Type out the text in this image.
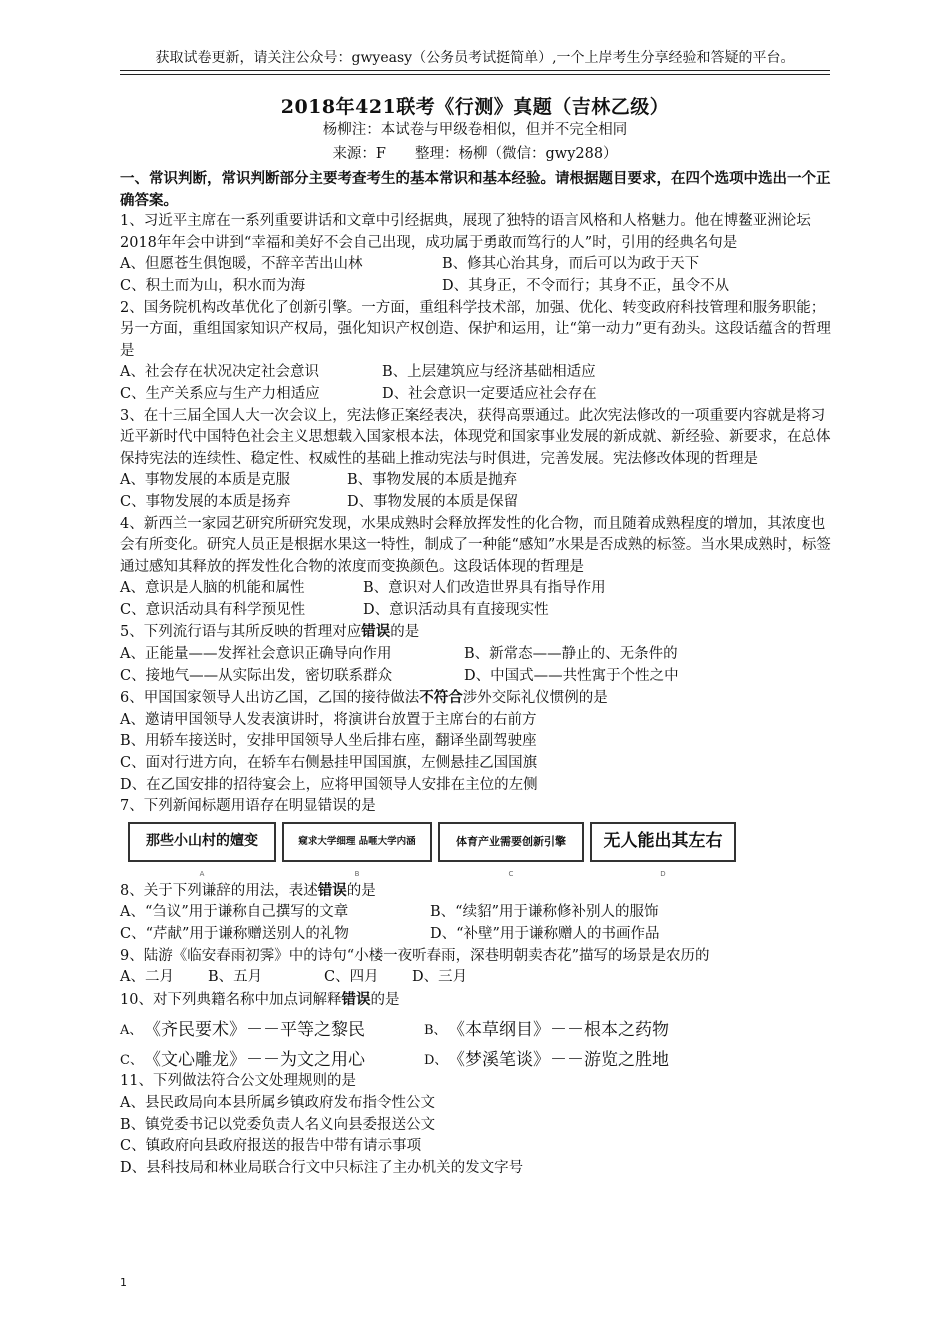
获取试卷更新，请关注公众号：gwyeasy（公务员考试挺简单）,一个上岸考生分享经验和答疑的平台。
2018年421联考《行测》真题（吉林乙级）
杨柳注：本试卷与甲级卷相似，但并不完全相同
来源：F　　整理：杨柳（微信：gwy288）

一、常识判断，常识判断部分主要考查考生的基本常识和基本经验。请根据题目要求，在四个选项中选出一个正确答案。

1、习近平主席在一系列重要讲话和文章中引经据典，展现了独特的语言风格和人格魅力。他在博鳌亚洲论坛2018年年会中讲到“幸福和美好不会自己出现，成功属于勇敢而笃行的人”时，引用的经典名句是

A、但愿苍生俱饱暖，不辞辛苦出山林	B、修其心治其身，而后可以为政于天下
C、积土而为山，积水而为海	D、其身正，不令而行；其身不正，虽令不从

2、国务院机构改革优化了创新引擎。一方面，重组科学技术部，加强、优化、转变政府科技管理和服务职能；另一方面，重组国家知识产权局，强化知识产权创造、保护和运用，让“第一动力”更有劲头。这段话蕴含的哲理是

A、社会存在状况决定社会意识	B、上层建筑应与经济基础相适应
C、生产关系应与生产力相适应	D、社会意识一定要适应社会存在

3、在十三届全国人大一次会议上，宪法修正案经表决，获得高票通过。此次宪法修改的一项重要内容就是将习近平新时代中国特色社会主义思想载入国家根本法，体现党和国家事业发展的新成就、新经验、新要求，在总体保持宪法的连续性、稳定性、权威性的基础上推动宪法与时俱进，完善发展。宪法修改体现的哲理是

A、事物发展的本质是克服	B、事物发展的本质是抛弃
C、事物发展的本质是扬弃	D、事物发展的本质是保留

4、新西兰一家园艺研究所研究发现，水果成熟时会释放挥发性的化合物，而且随着成熟程度的增加，其浓度也会有所变化。研究人员正是根据水果这一特性，制成了一种能“感知”水果是否成熟的标签。当水果成熟时，标签通过感知其释放的挥发性化合物的浓度而变换颜色。这段话体现的哲理是

A、意识是人脑的机能和属性	B、意识对人们改造世界具有指导作用
C、意识活动具有科学预见性	D、意识活动具有直接现实性

5、下列流行语与其所反映的哲理对应错误的是

A、正能量——发挥社会意识正确导向作用	B、新常态——静止的、无条件的
C、接地气——从实际出发，密切联系群众	D、中国式——共性寓于个性之中

6、甲国国家领导人出访乙国，乙国的接待做法不符合涉外交际礼仪惯例的是

A、邀请甲国领导人发表演讲时，将演讲台放置于主席台的右前方

B、用轿车接送时，安排甲国领导人坐后排右座，翻译坐副驾驶座

C、面对行进方向，在轿车右侧悬挂甲国国旗，左侧悬挂乙国国旗

D、在乙国安排的招待宴会上，应将甲国领导人安排在主位的左侧

7、下列新闻标题用语存在明显错误的是

那些小山村的嬗变
A
窥求大学细理 品咂大学内涵
B
体育产业需要创新引擎
C
无人能出其左右
D

8、关于下列谦辞的用法，表述错误的是

A、“刍议”用于谦称自己撰写的文章	B、“续貂”用于谦称修补别人的服饰
C、“芹献”用于谦称赠送别人的礼物	D、“补壁”用于谦称赠人的书画作品

9、陆游《临安春雨初霁》中的诗句“小楼一夜听春雨，深巷明朝卖杏花”描写的场景是农历的

A、二月	B、五月	C、四月	D、三月

10、对下列典籍名称中加点词解释错误的是

A、 《齐民要术》－－平等之黎民	B、 《本草纲目》－－根本之药物
C、 《文心雕龙》－－为文之用心	D、 《梦溪笔谈》－－游览之胜地

11、下列做法符合公文处理规则的是

A、县民政局向本县所属乡镇政府发布指令性公文

B、镇党委书记以党委负责人名义向县委报送公文

C、镇政府向县政府报送的报告中带有请示事项

D、县科技局和林业局联合行文中只标注了主办机关的发文字号

1
